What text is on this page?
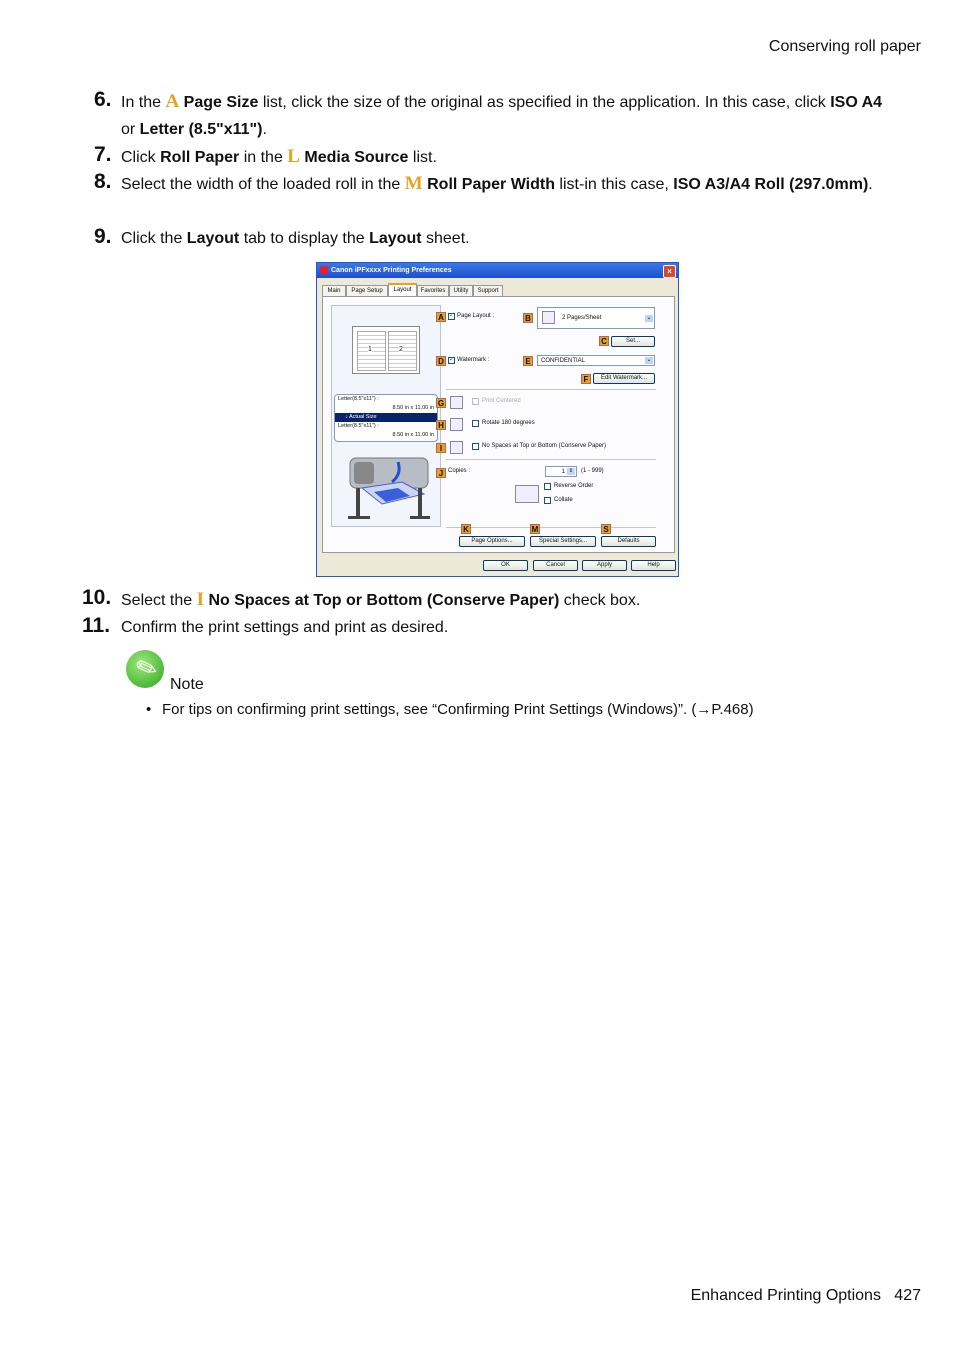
Conserving roll paper
6. In the A Page Size list, click the size of the original as specified in the application. In this case, click ISO A4 or Letter (8.5"x11").
7. Click Roll Paper in the L Media Source list.
8. Select the width of the loaded roll in the M Roll Paper Width list-in this case, ISO A3/A4 Roll (297.0mm).
9. Click the Layout tab to display the Layout sheet.
Canon iPFxxxx Printing Preferences	×
Main	Page Setup	Layout	Favorites	Utility	Support
1	2
Letter(8.5"x11") :
8.50 in x 11.00 in
↓ Actual Size
Letter(8.5"x11") :
8.50 in x 11.00 in
A ✓	Page Layout :	B	2 Pages/Sheet	⌄
C	Set...
D ✓	Watermark :	E	CONFIDENTIAL	⌄
F	Edit Watermark...
G	Print Centered
H	Rotate 180 degrees
I	No Spaces at Top or Bottom (Conserve Paper)
J Copies :	1 ⇕	(1 - 999)
Reverse Order
Collate
K	M	S
Page Options...	Special Settings...	Defaults
OK	Cancel	Apply	Help
10. Select the I No Spaces at Top or Bottom (Conserve Paper) check box.
11. Confirm the print settings and print as desired.
✎ Note
• For tips on confirming print settings, see “Confirming Print Settings (Windows)”. (→P.468)
Enhanced Printing Options 427
